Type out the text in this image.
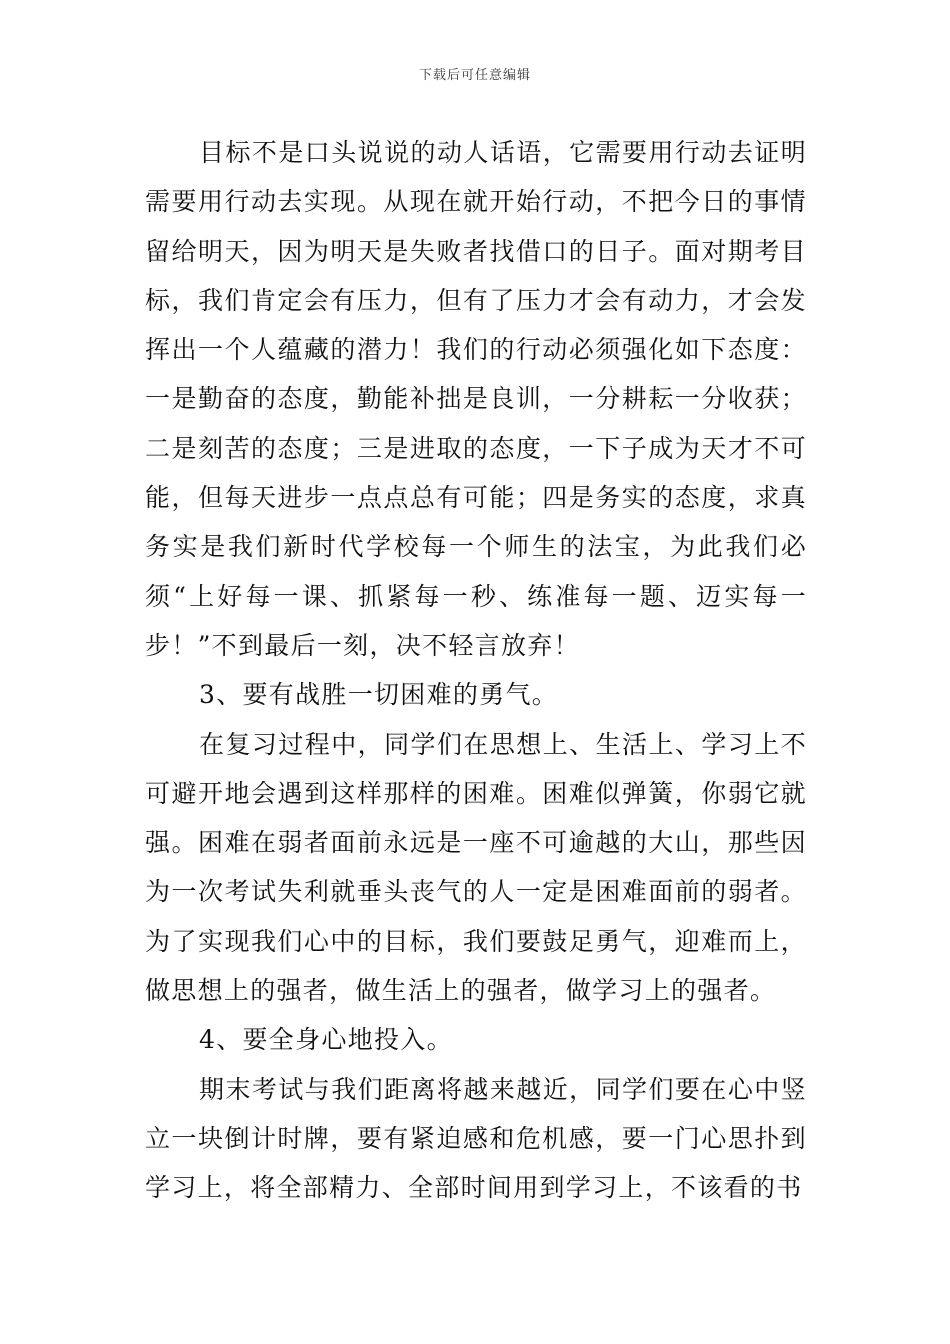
下载后可任意编辑

目标不是口头说说的动人话语，它需要用行动去证明需要用行动去实现。从现在就开始行动，不把今日的事情留给明天，因为明天是失败者找借口的日子。面对期考目标，我们肯定会有压力，但有了压力才会有动力，才会发挥出一个人蕴藏的潜力！我们的行动必须强化如下态度：一是勤奋的态度，勤能补拙是良训，一分耕耘一分收获；二是刻苦的态度；三是进取的态度，一下子成为天才不可能，但每天进步一点点总有可能；四是务实的态度，求真务实是我们新时代学校每一个师生的法宝，为此我们必须“上好每一课、抓紧每一秒、练准每一题、迈实每一步！”不到最后一刻，决不轻言放弃！

3、要有战胜一切困难的勇气。

在复习过程中，同学们在思想上、生活上、学习上不可避开地会遇到这样那样的困难。困难似弹簧，你弱它就强。困难在弱者面前永远是一座不可逾越的大山，那些因为一次考试失利就垂头丧气的人一定是困难面前的弱者。为了实现我们心中的目标，我们要鼓足勇气，迎难而上，做思想上的强者，做生活上的强者，做学习上的强者。

4、要全身心地投入。

期末考试与我们距离将越来越近，同学们要在心中竖立一块倒计时牌，要有紧迫感和危机感，要一门心思扑到学习上，将全部精力、全部时间用到学习上，不该看的书
